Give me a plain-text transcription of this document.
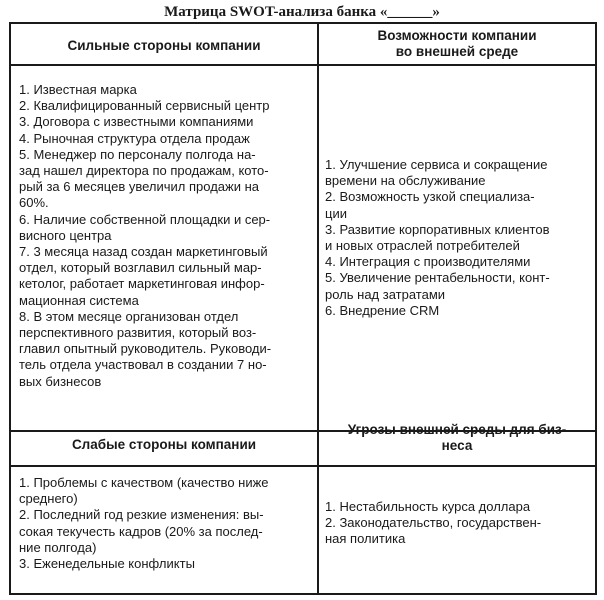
Матрица SWOT-анализа банка «______»
Сильные стороны компании
Возможности компании
во внешней среде
1. Известная марка
2. Квалифицированный сервисный центр
3. Договора с известными компаниями
4. Рыночная структура отдела продаж
5. Менеджер по персоналу полгода на-
зад нашел директора по продажам, кото-
рый за 6 месяцев увеличил продажи на
60%.
6. Наличие собственной площадки и сер-
висного центра
7. 3 месяца назад создан маркетинговый
отдел, который возглавил сильный мар-
кетолог, работает маркетинговая инфор-
мационная система
8. В этом месяце организован отдел
перспективного развития, который воз-
главил опытный руководитель. Руководи-
тель отдела участвовал в создании 7 но-
вых бизнесов
1. Улучшение сервиса и сокращение
времени на обслуживание
2. Возможность узкой специализа-
ции
3. Развитие корпоративных клиентов
и новых отраслей потребителей
4. Интеграция с производителями
5. Увеличение рентабельности, конт-
роль над затратами
6. Внедрение CRM
Слабые стороны компании
Угрозы внешней среды для биз-
неса
1. Проблемы с качеством (качество ниже
среднего)
2. Последний год резкие изменения: вы-
сокая текучесть кадров (20% за послед-
ние полгода)
3. Еженедельные конфликты
1. Нестабильность курса доллара
2. Законодательство, государствен-
ная политика
